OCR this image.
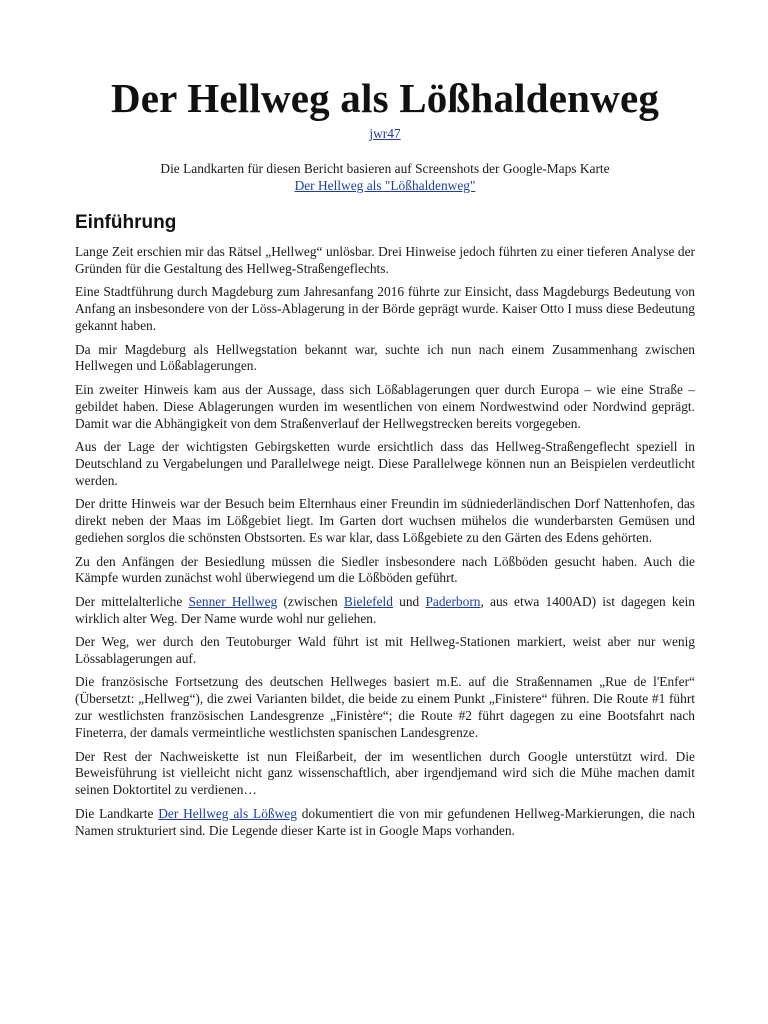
Der Hellweg als Lößhaldenweg
jwr47
Die Landkarten für diesen Bericht basieren auf Screenshots der Google-Maps Karte
Der Hellweg als "Lößhaldenweg"
Einführung

Lange Zeit erschien mir das Rätsel „Hellweg“ unlösbar. Drei Hinweise jedoch führten zu einer tieferen Analyse der Gründen für die Gestaltung des Hellweg-Straßengeflechts.

Eine Stadtführung durch Magdeburg zum Jahresanfang 2016 führte zur Einsicht, dass Magdeburgs Bedeutung von Anfang an insbesondere von der Löss-Ablagerung in der Börde geprägt wurde. Kaiser Otto I muss diese Bedeutung gekannt haben.

Da mir Magdeburg als Hellwegstation bekannt war, suchte ich nun nach einem Zusammenhang zwischen Hellwegen und Lößablagerungen.

Ein zweiter Hinweis kam aus der Aussage, dass sich Lößablagerungen quer durch Europa – wie eine Straße – gebildet haben. Diese Ablagerungen wurden im wesentlichen von einem Nordwestwind oder Nordwind geprägt. Damit war die Abhängigkeit von dem Straßenverlauf der Hellwegstrecken bereits vorgegeben.

Aus der Lage der wichtigsten Gebirgsketten wurde ersichtlich dass das Hellweg-Straßengeflecht speziell in Deutschland zu Vergabelungen und Parallelwege neigt. Diese Parallelwege können nun an Beispielen verdeutlicht werden.

Der dritte Hinweis war der Besuch beim Elternhaus einer Freundin im südniederländischen Dorf Nattenhofen, das direkt neben der Maas im Lößgebiet liegt. Im Garten dort wuchsen mühelos die wunderbarsten Gemüsen und gediehen sorglos die schönsten Obstsorten. Es war klar, dass Lößgebiete zu den Gärten des Edens gehörten.

Zu den Anfängen der Besiedlung müssen die Siedler insbesondere nach Lößböden gesucht haben. Auch die Kämpfe wurden zunächst wohl überwiegend um die Lößböden geführt.

Der mittelalterliche Senner Hellweg (zwischen Bielefeld und Paderborn, aus etwa 1400AD) ist dagegen kein wirklich alter Weg. Der Name wurde wohl nur geliehen.

Der Weg, wer durch den Teutoburger Wald führt ist mit Hellweg-Stationen markiert, weist aber nur wenig Lössablagerungen auf.

Die französische Fortsetzung des deutschen Hellweges basiert m.E. auf die Straßennamen „Rue de l'Enfer“ (Übersetzt: „Hellweg“), die zwei Varianten bildet, die beide zu einem Punkt „Finistere“ führen. Die Route #1 führt zur westlichsten französischen Landesgrenze „Finistère“; die Route #2 führt dagegen zu eine Bootsfahrt nach Fineterra, der damals vermeintliche westlichsten spanischen Landesgrenze.

Der Rest der Nachweiskette ist nun Fleißarbeit, der im wesentlichen durch Google unterstützt wird. Die Beweisführung ist vielleicht nicht ganz wissenschaftlich, aber irgendjemand wird sich die Mühe machen damit seinen Doktortitel zu verdienen…

Die Landkarte Der Hellweg als Lößweg dokumentiert die von mir gefundenen Hellweg-Markierungen, die nach Namen strukturiert sind. Die Legende dieser Karte ist in Google Maps vorhanden.
